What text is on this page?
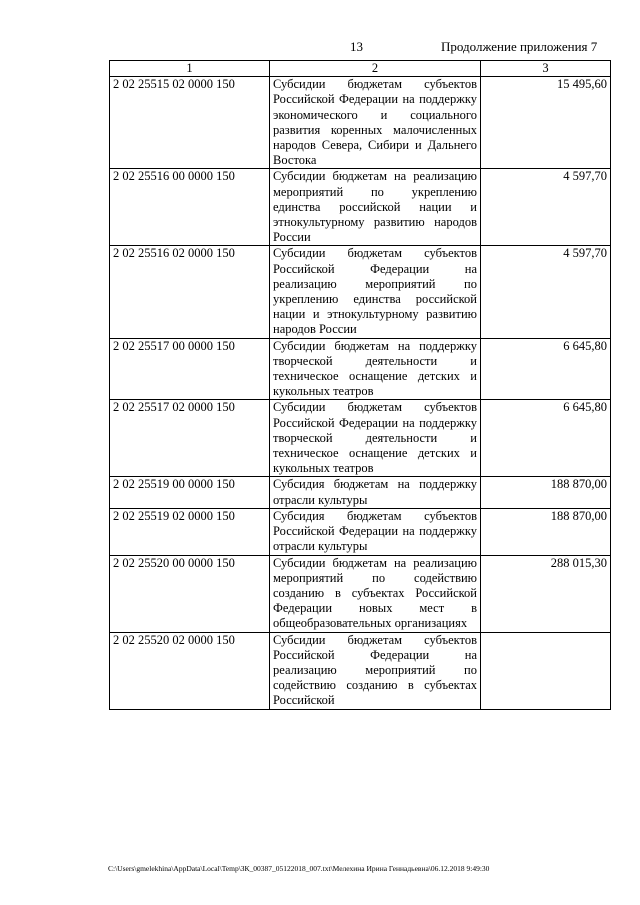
13	Продолжение приложения 7
1	2	3
2 02 25515 02 0000 150	Субсидии бюджетам субъектов Российской Федерации на поддержку экономического и социального развития коренных малочисленных народов Севера, Сибири и Дальнего Востока	15 495,60
2 02 25516 00 0000 150	Субсидии бюджетам на реализацию мероприятий по укреплению единства российской нации и этнокультурному развитию народов России	4 597,70
2 02 25516 02 0000 150	Субсидии бюджетам субъектов Российской Федерации на реализацию мероприятий по укреплению единства российской нации и этнокультурному развитию народов России	4 597,70
2 02 25517 00 0000 150	Субсидии бюджетам на поддержку творческой деятельности и техническое оснащение детских и кукольных театров	6 645,80
2 02 25517 02 0000 150	Субсидии бюджетам субъектов Российской Федерации на поддержку творческой деятельности и техническое оснащение детских и кукольных театров	6 645,80
2 02 25519 00 0000 150	Субсидия бюджетам на поддержку отрасли культуры	188 870,00
2 02 25519 02 0000 150	Субсидия бюджетам субъектов Российской Федерации на поддержку отрасли культуры	188 870,00
2 02 25520 00 0000 150	Субсидии бюджетам на реализацию мероприятий по содействию созданию в субъектах Российской Федерации новых мест в общеобразовательных организациях	288 015,30
2 02 25520 02 0000 150	Субсидии бюджетам субъектов Российской Федерации на реализацию мероприятий по содействию созданию в субъектах Российской	
C:\Users\gmelekhina\AppData\Local\Temp\ЗК_00387_05122018_007.txt\Мелехина Ирина Геннадьевна\06.12.2018 9:49:30
